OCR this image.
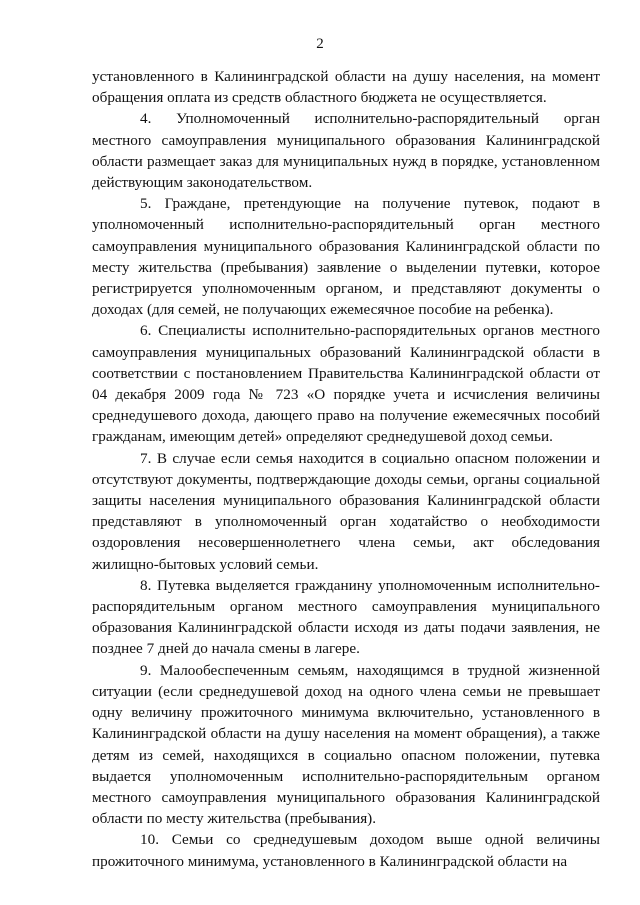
2

установленного в Калининградской области на душу населения, на момент обращения оплата из средств областного бюджета не осуществляется.

4. Уполномоченный исполнительно-распорядительный орган местного самоуправления муниципального образования Калининградской области размещает заказ для муниципальных нужд в порядке, установленном действующим законодательством.

5. Граждане, претендующие на получение путевок, подают в уполномоченный исполнительно-распорядительный орган местного самоуправления муниципального образования Калининградской области по месту жительства (пребывания) заявление о выделении путевки, которое регистрируется уполномоченным органом, и представляют документы о доходах (для семей, не получающих ежемесячное пособие на ребенка).

6. Специалисты исполнительно-распорядительных органов местного самоуправления муниципальных образований Калининградской области в соответствии с постановлением Правительства Калининградской области от 04 декабря 2009 года № 723 «О порядке учета и исчисления величины среднедушевого дохода, дающего право на получение ежемесячных пособий гражданам, имеющим детей» определяют среднедушевой доход семьи.

7. В случае если семья находится в социально опасном положении и отсутствуют документы, подтверждающие доходы семьи, органы социальной защиты населения муниципального образования Калининградской области представляют в уполномоченный орган ходатайство о необходимости оздоровления несовершеннолетнего члена семьи, акт обследования жилищно-бытовых условий семьи.

8. Путевка выделяется гражданину уполномоченным исполнительно-распорядительным органом местного самоуправления муниципального образования Калининградской области исходя из даты подачи заявления, не позднее 7 дней до начала смены в лагере.

9. Малообеспеченным семьям, находящимся в трудной жизненной ситуации (если среднедушевой доход на одного члена семьи не превышает одну величину прожиточного минимума включительно, установленного в Калининградской области на душу населения на момент обращения), а также детям из семей, находящихся в социально опасном положении, путевка выдается уполномоченным исполнительно-распорядительным органом местного самоуправления муниципального образования Калининградской области по месту жительства (пребывания).

10. Семьи со среднедушевым доходом выше одной величины прожиточного минимума, установленного в Калининградской области на
